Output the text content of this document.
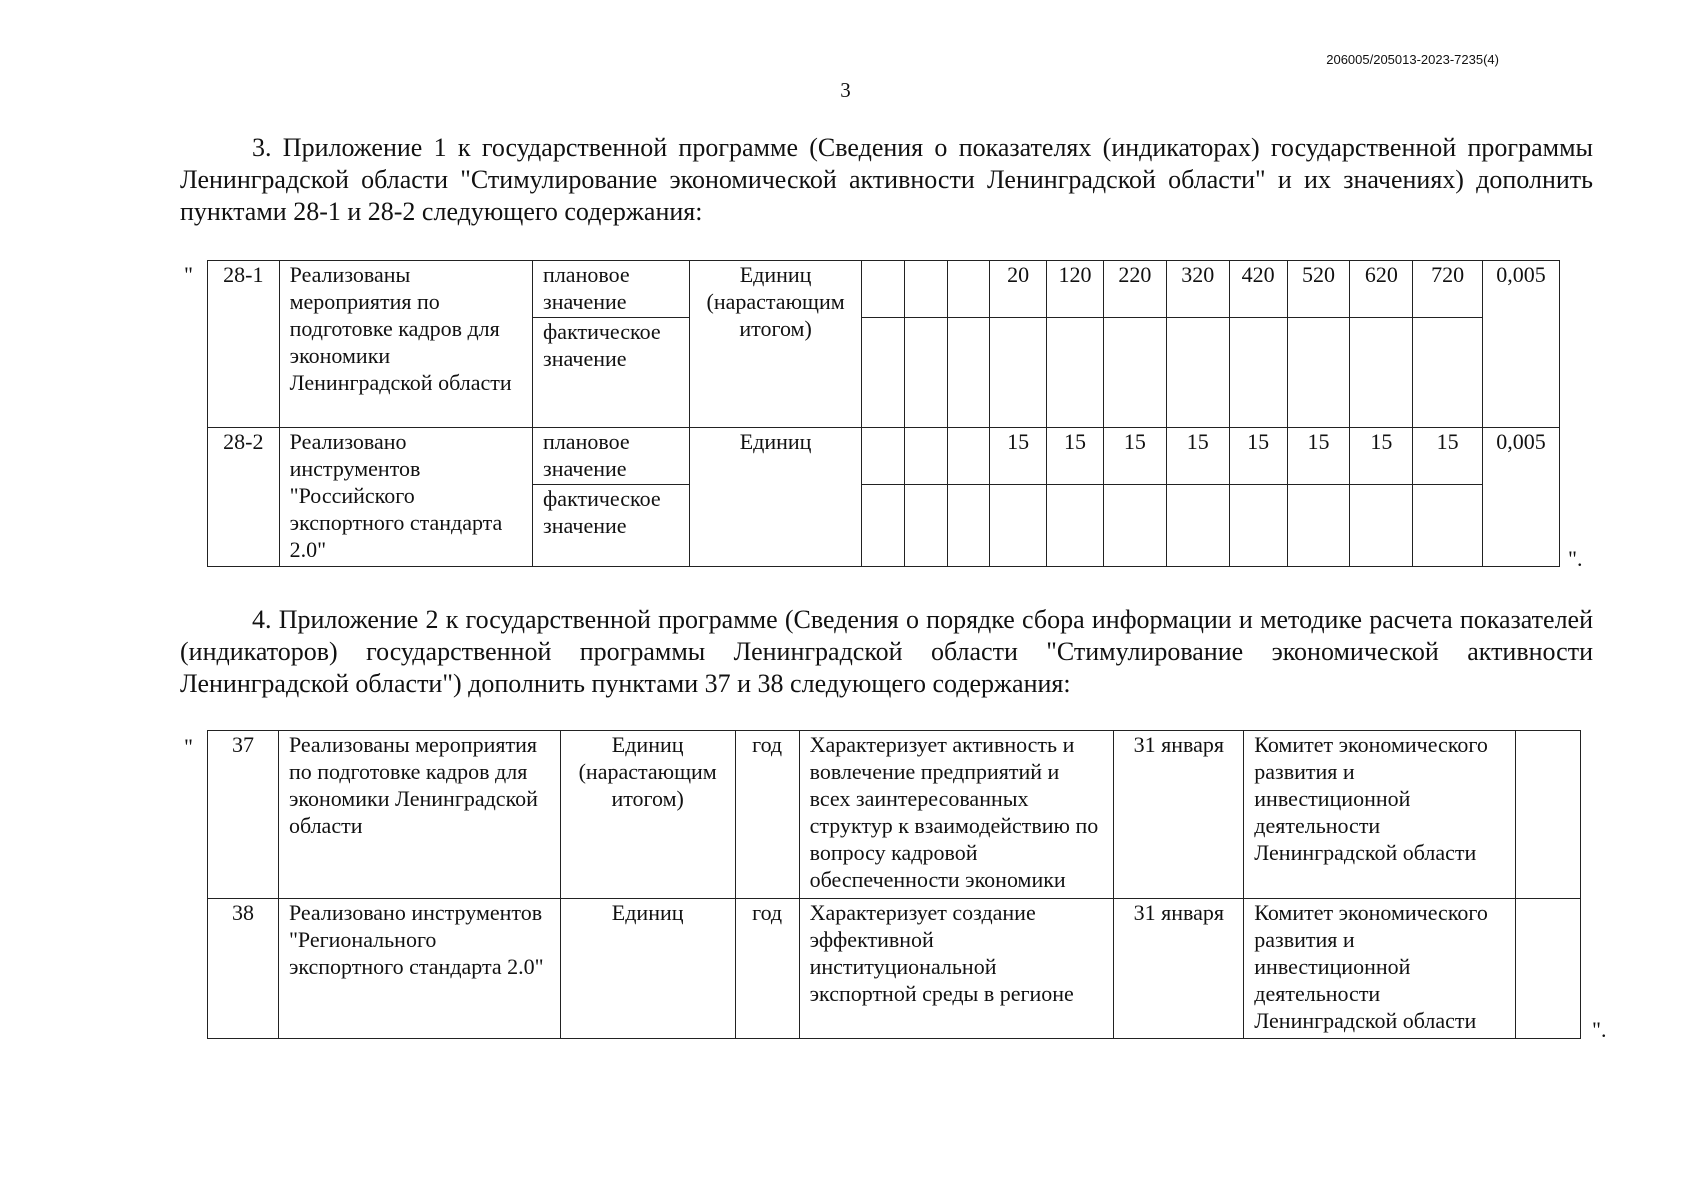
206005/205013-2023-7235(4)
3

3. Приложение 1 к государственной программе (Сведения о показателях (индикаторах) государственной программы Ленинградской области "Стимулирование экономической активности Ленинградской области" и их значениях) дополнить пунктами 28-1 и 28-2 следующего содержания:

" 28-1	Реализованы мероприятия по подготовке кадров для экономики Ленинградской области	плановое значение	Единиц (нарастающим итогом)				20	120	220	320	420	520	620	720	0,005
		фактическое значение													
28-2	Реализовано инструментов "Российского экспортного стандарта 2.0"	плановое значение	Единиц				15	15	15	15	15	15	15	15	0,005
		фактическое значение													
".

4. Приложение 2 к государственной программе (Сведения о порядке сбора информации и методике расчета показателей (индикаторов) государственной программы Ленинградской области "Стимулирование экономической активности Ленинградской области") дополнить пунктами 37 и 38 следующего содержания:

" 37	Реализованы мероприятия по подготовке кадров для экономики Ленинградской области	Единиц (нарастающим итогом)	год	Характеризует активность и вовлечение предприятий и всех заинтересованных структур к взаимодействию по вопросу кадровой обеспеченности экономики	31 января	Комитет экономического развития и инвестиционной деятельности Ленинградской области	
38	Реализовано инструментов "Регионального экспортного стандарта 2.0"	Единиц	год	Характеризует создание эффективной институциональной экспортной среды в регионе	31 января	Комитет экономического развития и инвестиционной деятельности Ленинградской области		".
